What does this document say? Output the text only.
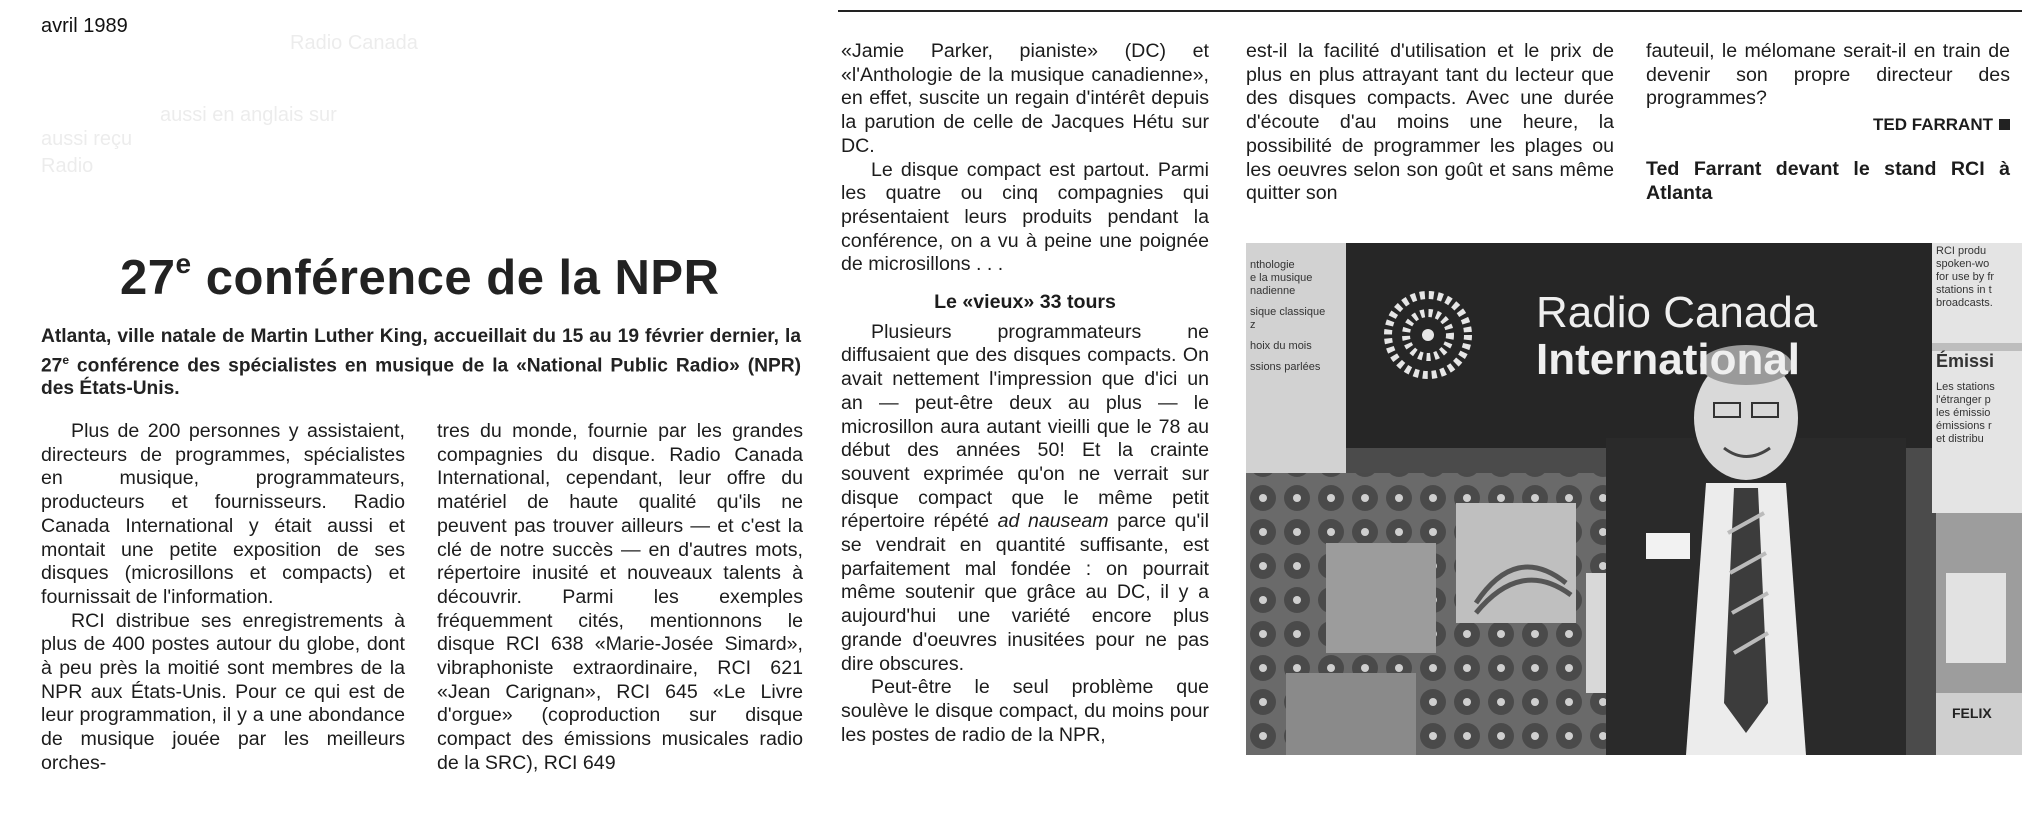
avril 1989
Radio Canada
aussi en anglais sur
aussi reçu
Radio
27e conférence de la NPR
Atlanta, ville natale de Martin Luther King, accueillait du 15 au 19 février dernier, la 27e conférence des spécialistes en musique de la «National Public Radio» (NPR) des États-Unis.

Plus de 200 personnes y assistaient, directeurs de programmes, spécialistes en musique, programmateurs, producteurs et fournisseurs. Radio Canada International y était aussi et montait une petite exposition de ses disques (microsillons et compacts) et fournissait de l'information.

RCI distribue ses enregistrements à plus de 400 postes autour du globe, dont à peu près la moitié sont membres de la NPR aux États-Unis. Pour ce qui est de leur programmation, il y a une abondance de musique jouée par les meilleurs orches-

tres du monde, fournie par les grandes compagnies du disque. Radio Canada International, cependant, leur offre du matériel de haute qualité qu'ils ne peuvent pas trouver ailleurs — et c'est la clé de notre succès — en d'autres mots, répertoire inusité et nouveaux talents à découvrir. Parmi les exemples fréquemment cités, mentionnons le disque RCI 638 «Marie-Josée Simard», vibraphoniste extraordinaire, RCI 621 «Jean Carignan», RCI 645 «Le Livre d'orgue» (coproduction sur disque compact des émissions musicales radio de la SRC), RCI 649

«Jamie Parker, pianiste» (DC) et «l'Anthologie de la musique canadienne», en effet, suscite un regain d'intérêt depuis la parution de celle de Jacques Hétu sur DC.

Le disque compact est partout. Parmi les quatre ou cinq compagnies qui présentaient leurs produits pendant la conférence, on a vu à peine une poignée de microsillons . . .

Le «vieux» 33 tours

Plusieurs programmateurs ne diffusaient que des disques compacts. On avait nettement l'impression que d'ici un an — peut-être deux au plus — le microsillon aura autant vieilli que le 78 au début des années 50! Et la crainte souvent exprimée qu'on ne verrait sur disque compact que le même petit répertoire répété ad nauseam parce qu'il se vendrait en quantité suffisante, est parfaitement mal fondée : on pourrait même soutenir que grâce au DC, il y a aujourd'hui une variété encore plus grande d'oeuvres inusitées pour ne pas dire obscures.

Peut-être le seul problème que soulève le disque compact, du moins pour les postes de radio de la NPR,

est-il la facilité d'utilisation et le prix de plus en plus attrayant tant du lecteur que des disques compacts. Avec une durée d'écoute d'au moins une heure, la possibilité de programmer les plages ou les oeuvres selon son goût et sans même quitter son

fauteuil, le mélomane serait-il en train de devenir son propre directeur des programmes?

TED FARRANT
Ted Farrant devant le stand RCI à Atlanta
Radio Canada
International
nthologie
e la musique
nadienne
sique classique
z
hoix du mois
ssions parlées
RCI produ
spoken-wo
for use by fr
stations in t
broadcasts.
Émissi
Les stations
l'étranger p
les émissio
émissions r
et distribu
FELIX
